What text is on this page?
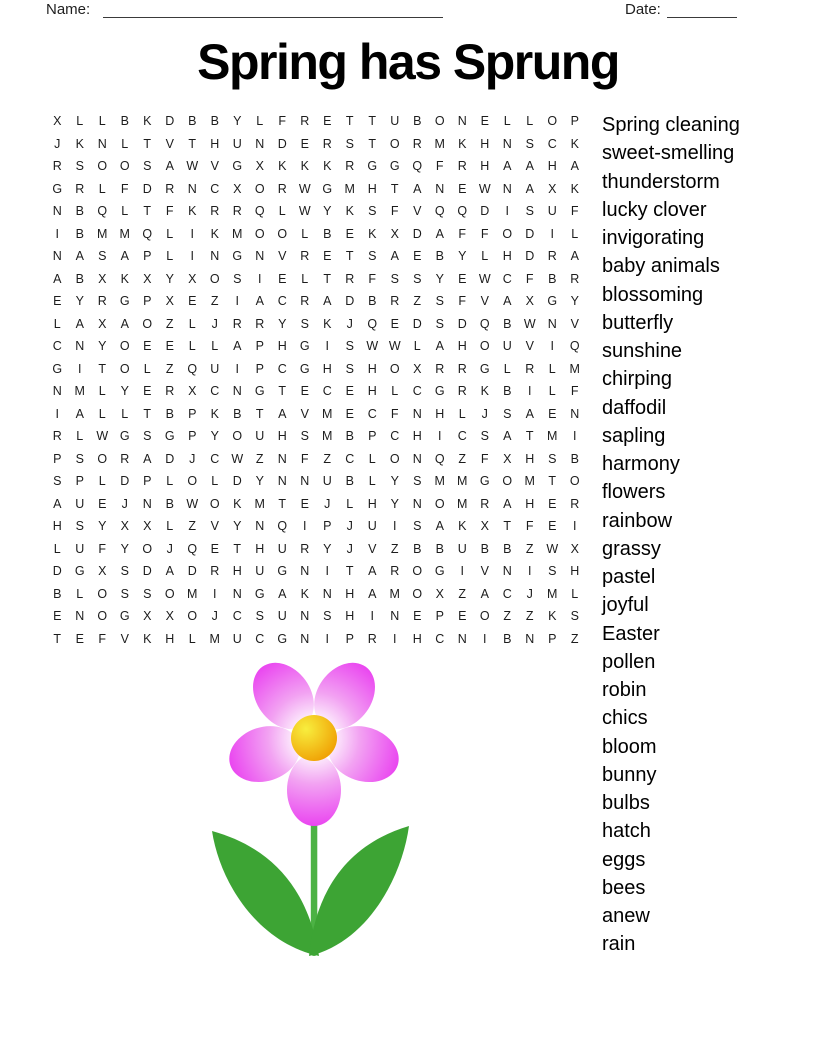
Name:	Date:
Spring has Sprung
X	L	L	B	K	D	B	B	Y	L	F	R	E	T	T	U	B	O	N	E	L	L	O	P
J	K	N	L	T	V	T	H	U	N	D	E	R	S	T	O	R	M	K	H	N	S	C	K
R	S	O	O	S	A W V	G	X	K	K	K	R	G	G	Q	F	R	H	A	A	H	A
G	R	L	F	D	R	N	C	X	O	R W G M	H	T	A	N	E W N	A	X	K
N	B	Q	L	T	F	K	R	R	Q	L	W Y	K	S	F	V	Q	Q	D	I	S	U	F
I	B	M M Q	L	I	K	M O	O	L	B	E	K	X	D	A	F	F	O	D	I	L
N	A	S	A	P	L	I	N	G	N	V	R	E	T	S	A	E	B	Y	L	H	D	R	A
A	B	X	K	X	Y	X	O	S	I	E	L	T	R	F	S	S	Y	E W C	F	B	R
E	Y	R	G	P	X	E	Z	I	A	C	R	A	D	B	R	Z	S	F	V	A	X	G	Y
L	A	X	A	O	Z	L	J	R	R	Y	S	K	J	Q	E	D	S	D	Q	B W N	V
C	N	Y	O	E	E	L	L	A	P	H	G	I	S W W	L	A	H	O	U	V	I	Q
G	I	T	O	L	Z	Q	U	I	P	C	G	H	S	H	O	X	R	R	G	L	R	L	M
N	M	L	Y	E	R	X	C	N	G	T	E	C	E	H	L	C	G	R	K	B	I	L	F
I	A	L	L	T	B	P	K	B	T	A	V	M	E	C	F	N	H	L	J	S	A	E	N
R	L	W G	S	G	P	Y	O	U	H	S	M	B	P	C	H	I	C	S	A	T	M	I
P	S	O	R	A	D	J	C W	Z	N	F	Z	C	L	O	N	Q	Z	F	X	H	S	B
S	P	L	D	P	L	O	L	D	Y	N	N	U	B	L	Y	S	M M G	O M	T	O
A	U	E	J	N	B W O	K	M	T	E	J	L	H	Y	N	O M	R	A	H	E	R
H	S	Y	X	X	L	Z	V	Y	N	Q	I	P	J	U	I	S	A	K	X	T	F	E	I
L	U	F	Y	O	J	Q	E	T	H	U	R	Y	J	V	Z	B	B	U	B	B	Z	W X
D	G	X	S	D	A	D	R	H	U	G	N	I	T	A	R	O	G	I	V	N	I	S	H
B	L	O	S	S	O M	I	N	G	A	K	N	H	A	M O	X	Z	A	C	J	M	L
E	N	O	G	X	X	O	J	C	S	U	N	S	H	I	N	E	P	E	O	Z	Z	K	S
T	E	F	V	K	H	L	M	U	C	G	N	I	P	R	I	H	C	N	I	B	N	P	Z
Spring cleaning
sweet-smelling
thunderstorm
lucky clover
invigorating
baby animals
blossoming
butterfly
sunshine
chirping
daffodil
sapling
harmony
flowers
rainbow
grassy
pastel
joyful
Easter
pollen
robin
chics
bloom
bunny
bulbs
hatch
eggs
bees
anew
rain
